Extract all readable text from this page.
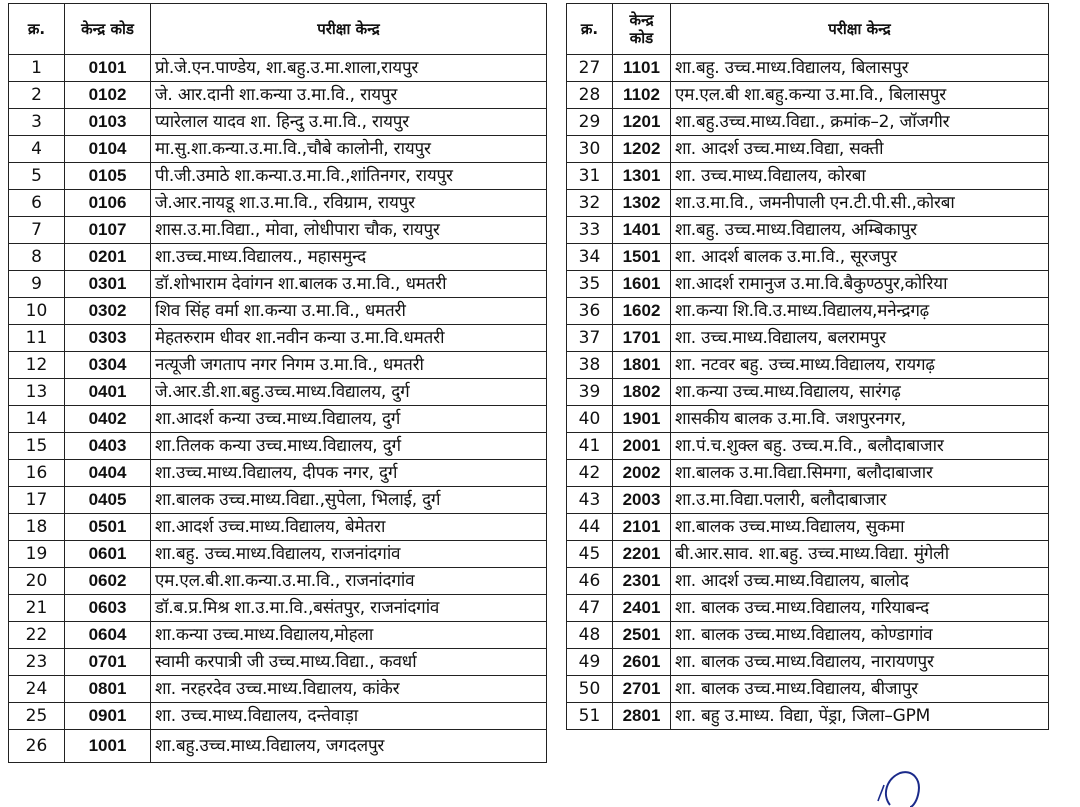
क्र.	केन्द्र कोड	परीक्षा केन्द्र
1	0101	प्रो.जे.एन.पाण्डेय, शा.बहु.उ.मा.शाला,रायपुर
2	0102	जे. आर.दानी शा.कन्या उ.मा.वि., रायपुर
3	0103	प्यारेलाल यादव शा. हिन्दु उ.मा.वि., रायपुर
4	0104	मा.सु.शा.कन्या.उ.मा.वि.,चौबे कालोनी, रायपुर
5	0105	पी.जी.उमाठे शा.कन्या.उ.मा.वि.,शांतिनगर, रायपुर
6	0106	जे.आर.नायडू शा.उ.मा.वि., रविग्राम, रायपुर
7	0107	शास.उ.मा.विद्या., मोवा, लोधीपारा चौक, रायपुर
8	0201	शा.उच्च.माध्य.विद्यालय., महासमुन्द
9	0301	डॉ.शोभाराम देवांगन शा.बालक उ.मा.वि., धमतरी
10	0302	शिव सिंह वर्मा शा.कन्या उ.मा.वि., धमतरी
11	0303	मेहतरुराम धीवर शा.नवीन कन्या उ.मा.वि.धमतरी
12	0304	नत्यूजी जगताप नगर निगम उ.मा.वि., धमतरी
13	0401	जे.आर.डी.शा.बहु.उच्च.माध्य.विद्यालय, दुर्ग
14	0402	शा.आदर्श कन्या उच्च.माध्य.विद्यालय, दुर्ग
15	0403	शा.तिलक कन्या उच्च.माध्य.विद्यालय, दुर्ग
16	0404	शा.उच्च.माध्य.विद्यालय, दीपक नगर, दुर्ग
17	0405	शा.बालक उच्च.माध्य.विद्या.,सुपेला, भिलाई, दुर्ग
18	0501	शा.आदर्श उच्च.माध्य.विद्यालय, बेमेतरा
19	0601	शा.बहु. उच्च.माध्य.विद्यालय, राजनांदगांव
20	0602	एम.एल.बी.शा.कन्या.उ.मा.वि., राजनांदगांव
21	0603	डॉ.ब.प्र.मिश्र शा.उ.मा.वि.,बसंतपुर, राजनांदगांव
22	0604	शा.कन्या उच्च.माध्य.विद्यालय,मोहला
23	0701	स्वामी करपात्री जी उच्च.माध्य.विद्या., कवर्धा
24	0801	शा. नरहरदेव उच्च.माध्य.विद्यालय, कांकेर
25	0901	शा. उच्च.माध्य.विद्यालय, दन्तेवाड़ा
26	1001	शा.बहु.उच्च.माध्य.विद्यालय, जगदलपुर
क्र.	केन्द्र कोड	परीक्षा केन्द्र
27	1101	शा.बहु. उच्च.माध्य.विद्यालय, बिलासपुर
28	1102	एम.एल.बी शा.बहु.कन्या उ.मा.वि., बिलासपुर
29	1201	शा.बहु.उच्च.माध्य.विद्या., क्रमांक–2, जॉजगीर
30	1202	शा. आदर्श उच्च.माध्य.विद्या, सक्ती
31	1301	शा. उच्च.माध्य.विद्यालय, कोरबा
32	1302	शा.उ.मा.वि., जमनीपाली एन.टी.पी.सी.,कोरबा
33	1401	शा.बहु. उच्च.माध्य.विद्यालय, अम्बिकापुर
34	1501	शा. आदर्श बालक उ.मा.वि., सूरजपुर
35	1601	शा.आदर्श रामानुज उ.मा.वि.बैकुण्ठपुर,कोरिया
36	1602	शा.कन्या शि.वि.उ.माध्य.विद्यालय,मनेन्द्रगढ़
37	1701	शा. उच्च.माध्य.विद्यालय, बलरामपुर
38	1801	शा. नटवर बहु. उच्च.माध्य.विद्यालय, रायगढ़
39	1802	शा.कन्या उच्च.माध्य.विद्यालय, सारंगढ़
40	1901	शासकीय बालक उ.मा.वि. जशपुरनगर,
41	2001	शा.पं.च.शुक्ल बहु. उच्च.म.वि., बलौदाबाजार
42	2002	शा.बालक उ.मा.विद्या.सिमगा, बलौदाबाजार
43	2003	शा.उ.मा.विद्या.पलारी, बलौदाबाजार
44	2101	शा.बालक उच्च.माध्य.विद्यालय, सुकमा
45	2201	बी.आर.साव. शा.बहु. उच्च.माध्य.विद्या. मुंगेली
46	2301	शा. आदर्श उच्च.माध्य.विद्यालय, बालोद
47	2401	शा. बालक उच्च.माध्य.विद्यालय, गरियाबन्द
48	2501	शा. बालक उच्च.माध्य.विद्यालय, कोण्डागांव
49	2601	शा. बालक उच्च.माध्य.विद्यालय, नारायणपुर
50	2701	शा. बालक उच्च.माध्य.विद्यालय, बीजापुर
51	2801	शा. बहु उ.माध्य. विद्या, पेंड्रा, जिला–GPM
